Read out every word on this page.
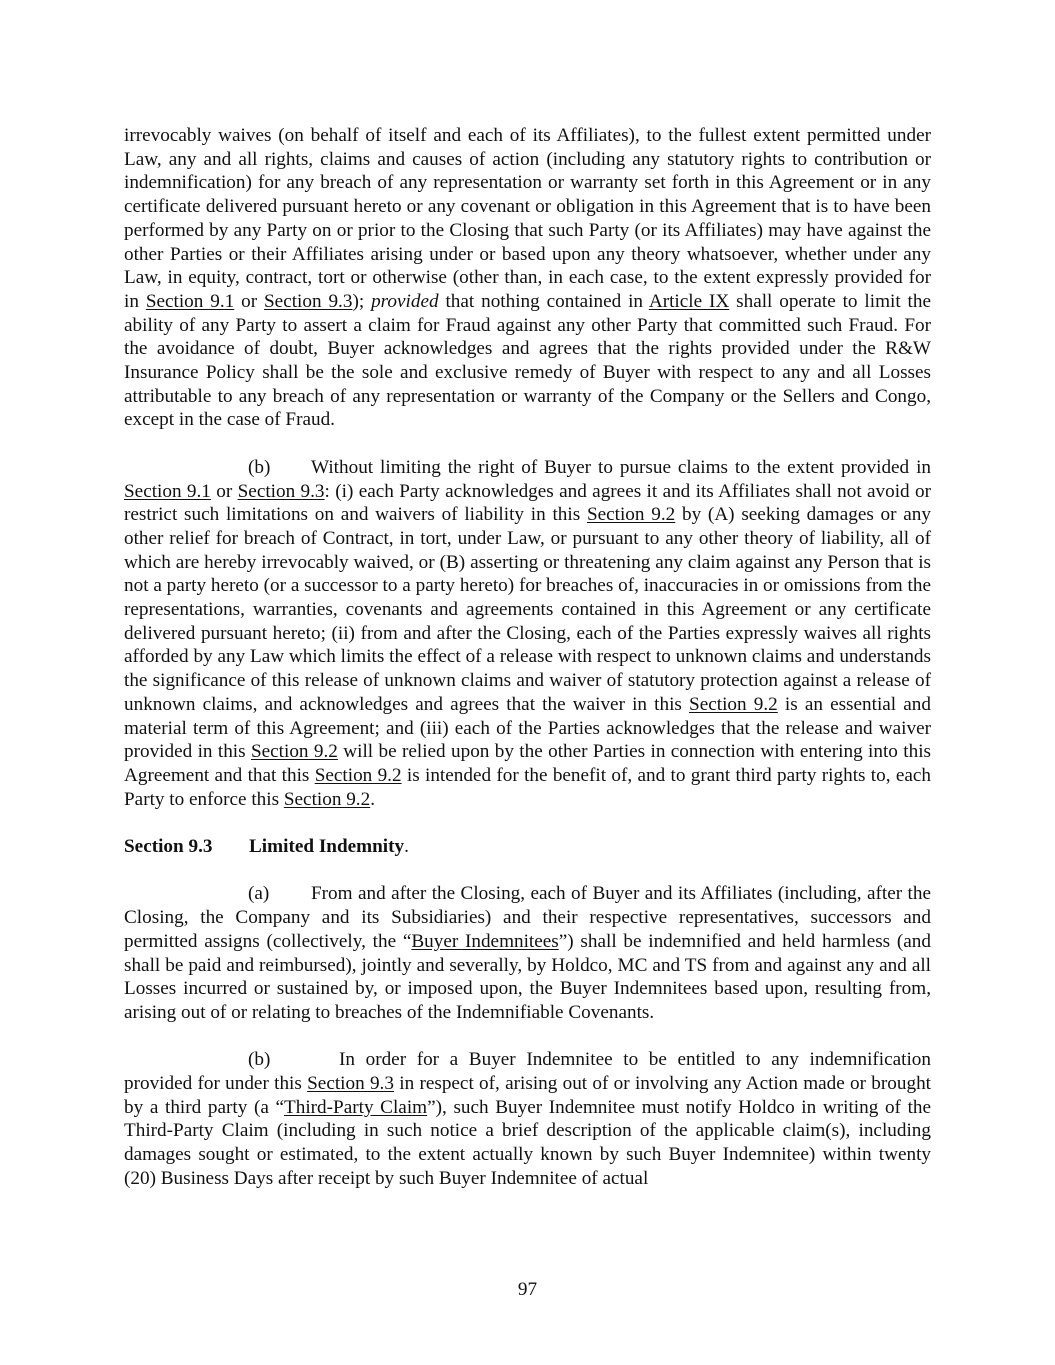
irrevocably waives (on behalf of itself and each of its Affiliates), to the fullest extent permitted under Law, any and all rights, claims and causes of action (including any statutory rights to contribution or indemnification) for any breach of any representation or warranty set forth in this Agreement or in any certificate delivered pursuant hereto or any covenant or obligation in this Agreement that is to have been performed by any Party on or prior to the Closing that such Party (or its Affiliates) may have against the other Parties or their Affiliates arising under or based upon any theory whatsoever, whether under any Law, in equity, contract, tort or otherwise (other than, in each case, to the extent expressly provided for in Section 9.1 or Section 9.3); provided that nothing contained in Article IX shall operate to limit the ability of any Party to assert a claim for Fraud against any other Party that committed such Fraud. For the avoidance of doubt, Buyer acknowledges and agrees that the rights provided under the R&W Insurance Policy shall be the sole and exclusive remedy of Buyer with respect to any and all Losses attributable to any breach of any representation or warranty of the Company or the Sellers and Congo, except in the case of Fraud.

(b) Without limiting the right of Buyer to pursue claims to the extent provided in Section 9.1 or Section 9.3: (i) each Party acknowledges and agrees it and its Affiliates shall not avoid or restrict such limitations on and waivers of liability in this Section 9.2 by (A) seeking damages or any other relief for breach of Contract, in tort, under Law, or pursuant to any other theory of liability, all of which are hereby irrevocably waived, or (B) asserting or threatening any claim against any Person that is not a party hereto (or a successor to a party hereto) for breaches of, inaccuracies in or omissions from the representations, warranties, covenants and agreements contained in this Agreement or any certificate delivered pursuant hereto; (ii) from and after the Closing, each of the Parties expressly waives all rights afforded by any Law which limits the effect of a release with respect to unknown claims and understands the significance of this release of unknown claims and waiver of statutory protection against a release of unknown claims, and acknowledges and agrees that the waiver in this Section 9.2 is an essential and material term of this Agreement; and (iii) each of the Parties acknowledges that the release and waiver provided in this Section 9.2 will be relied upon by the other Parties in connection with entering into this Agreement and that this Section 9.2 is intended for the benefit of, and to grant third party rights to, each Party to enforce this Section 9.2.

Section 9.3 Limited Indemnity.

(a) From and after the Closing, each of Buyer and its Affiliates (including, after the Closing, the Company and its Subsidiaries) and their respective representatives, successors and permitted assigns (collectively, the “Buyer Indemnitees”) shall be indemnified and held harmless (and shall be paid and reimbursed), jointly and severally, by Holdco, MC and TS from and against any and all Losses incurred or sustained by, or imposed upon, the Buyer Indemnitees based upon, resulting from, arising out of or relating to breaches of the Indemnifiable Covenants.

(b)	In order for a Buyer Indemnitee to be entitled to any indemnification provided for under this Section 9.3 in respect of, arising out of or involving any Action made or brought by a third party (a “Third-Party Claim”), such Buyer Indemnitee must notify Holdco in writing of the Third-Party Claim (including in such notice a brief description of the applicable claim(s), including damages sought or estimated, to the extent actually known by such Buyer Indemnitee) within twenty (20) Business Days after receipt by such Buyer Indemnitee of actual

97
